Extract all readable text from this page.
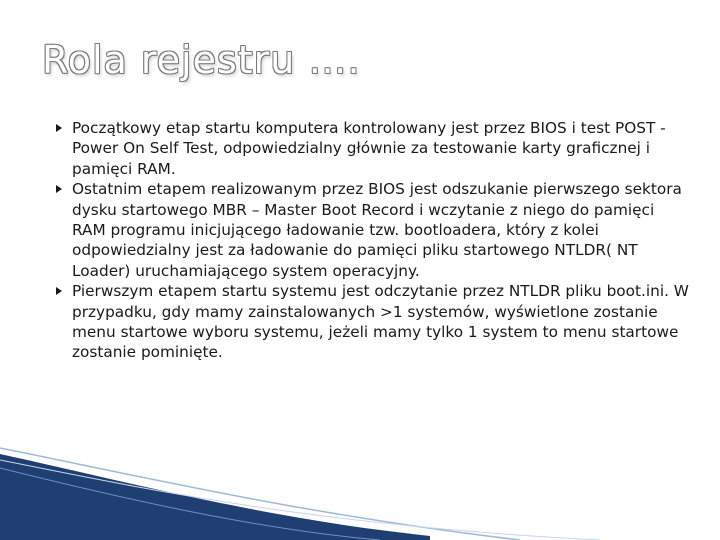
Rola rejestru ….
Początkowy etap startu komputera kontrolowany jest przez BIOS i test POST - Power On Self Test, odpowiedzialny głównie za testowanie karty graficznej i pamięci RAM.
Ostatnim etapem realizowanym przez BIOS jest odszukanie pierwszego sektora dysku startowego MBR – Master Boot Record i wczytanie z niego do pamięci RAM programu inicjującego ładowanie tzw. bootloadera, który z kolei odpowiedzialny jest za ładowanie do pamięci pliku startowego NTLDR( NT Loader) uruchamiającego system operacyjny.
Pierwszym etapem startu systemu jest odczytanie przez NTLDR pliku boot.ini. W przypadku, gdy mamy zainstalowanych >1 systemów, wyświetlone zostanie menu startowe wyboru systemu, jeżeli mamy tylko 1 system to menu startowe zostanie pominięte.
